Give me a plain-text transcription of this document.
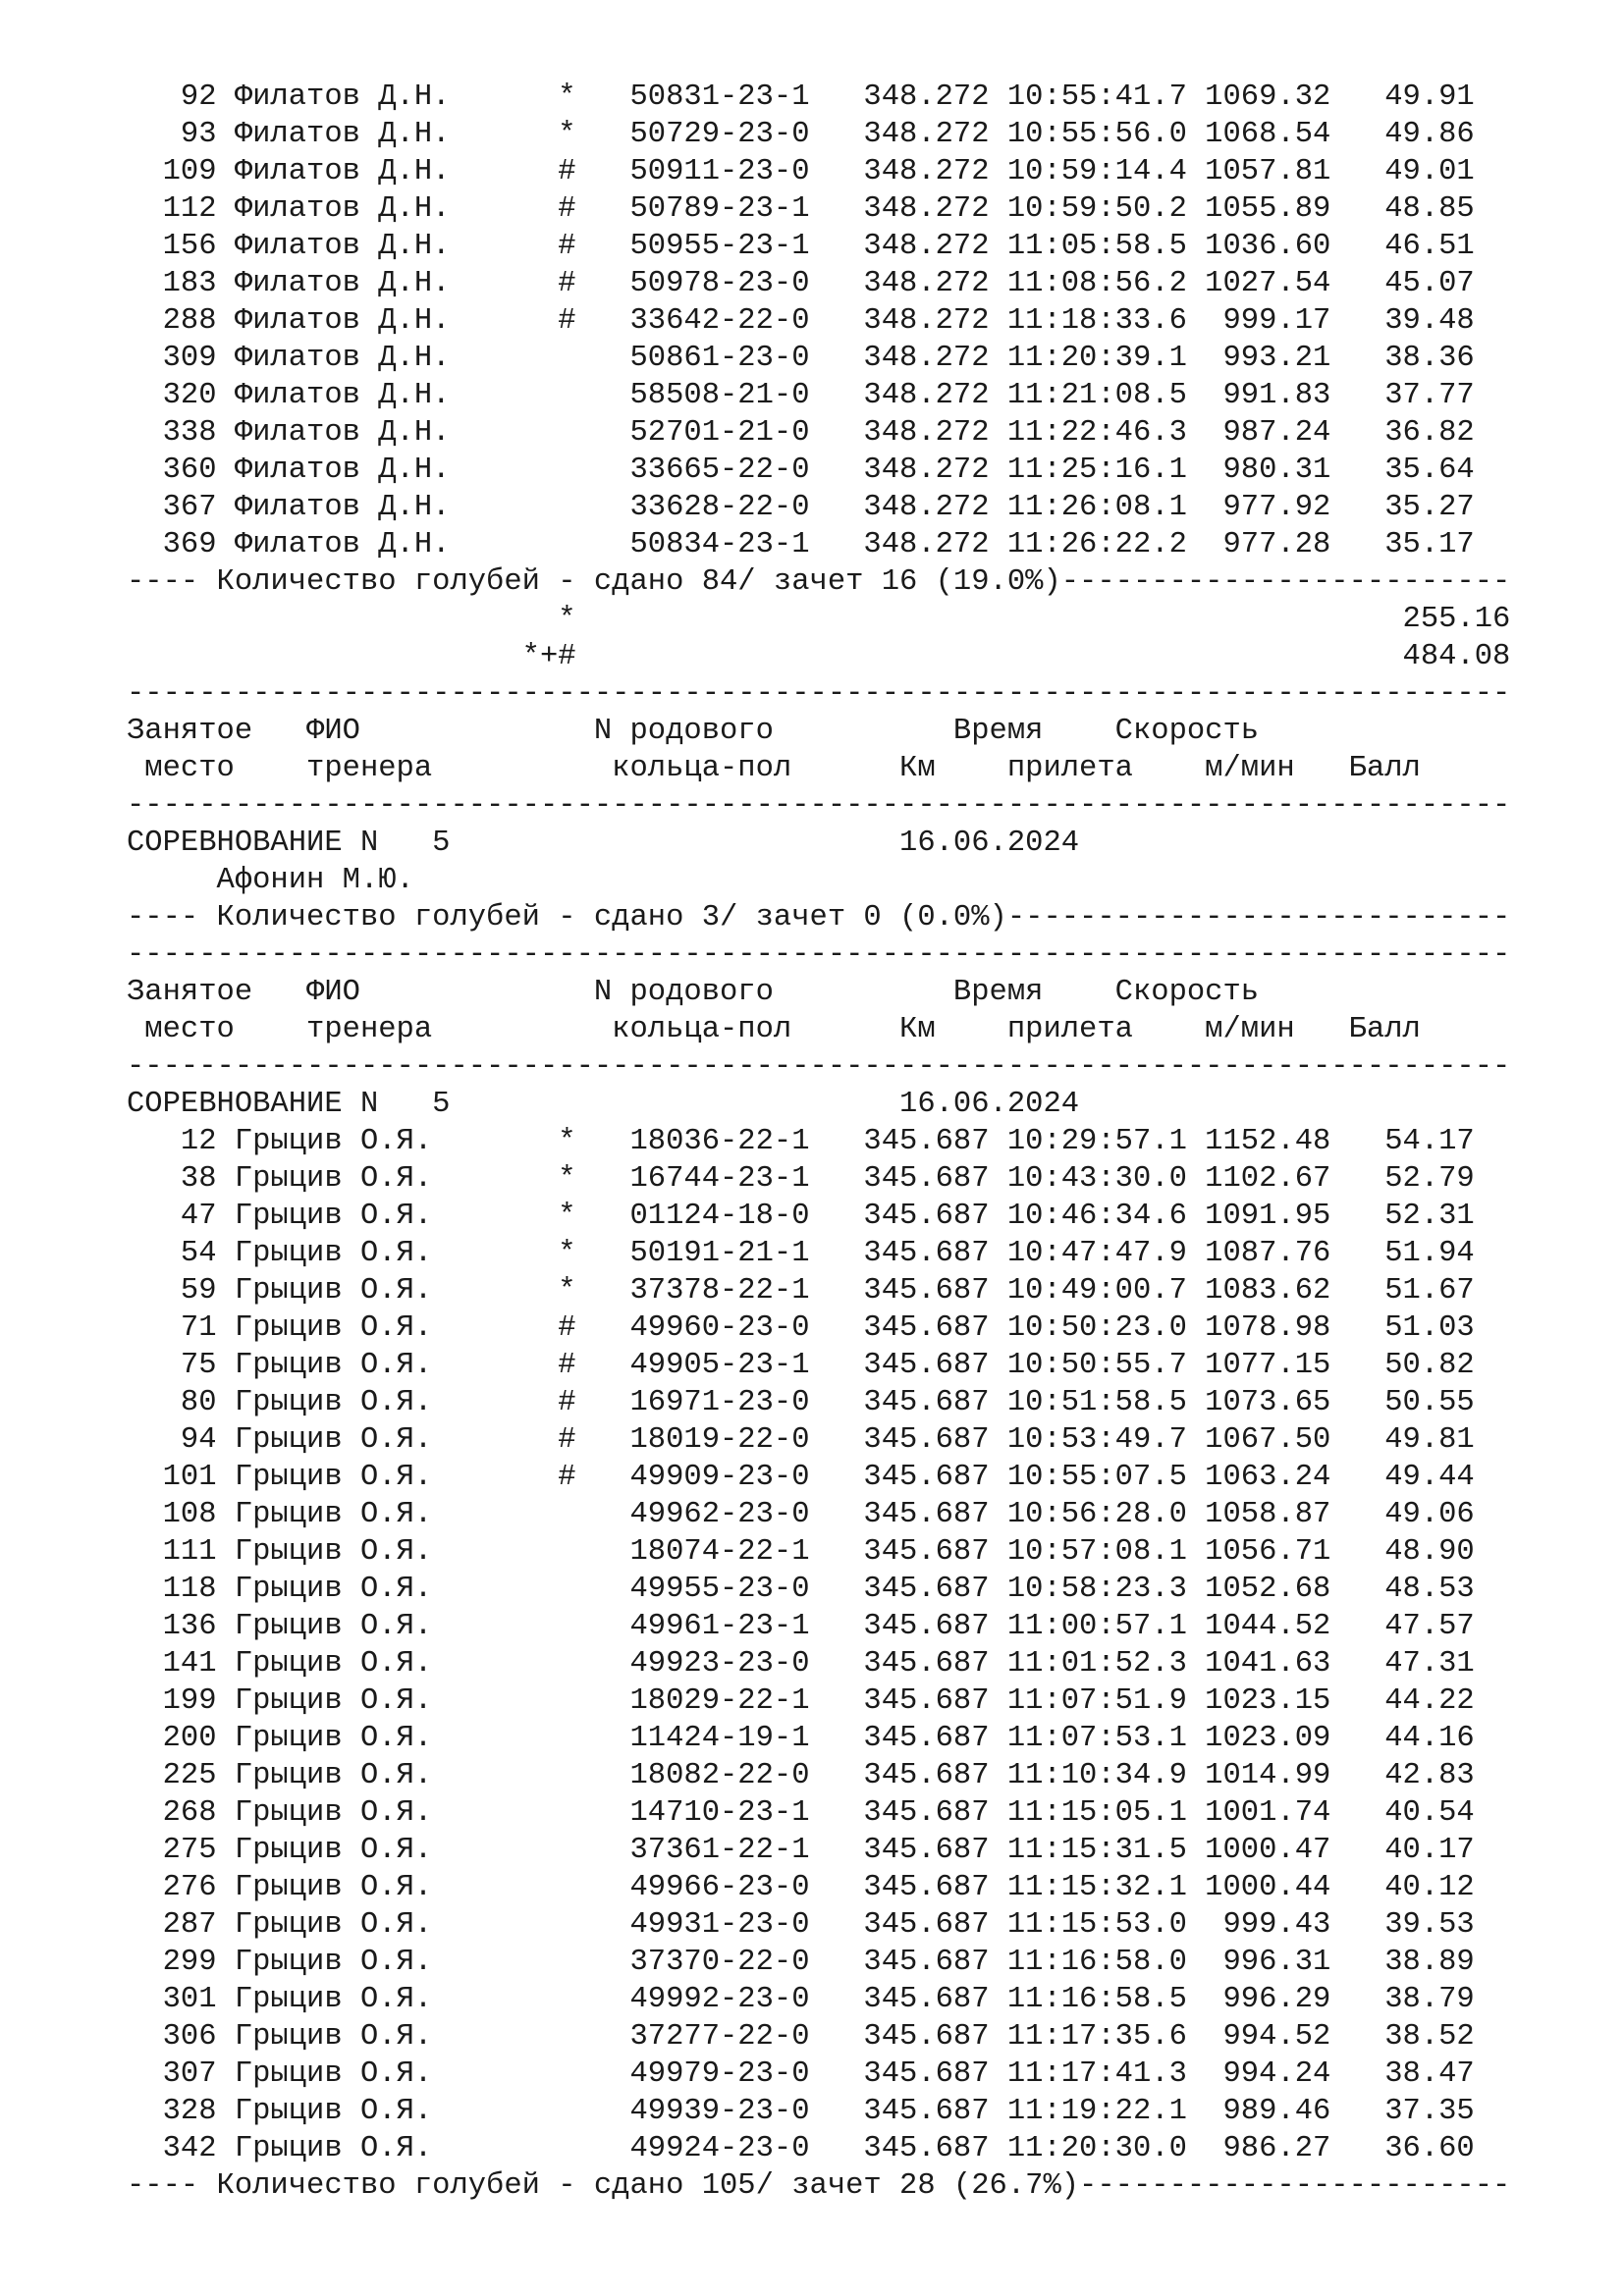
92 Филатов Д.Н.      *   50831-23-1   348.272 10:55:41.7 1069.32   49.91
93 Филатов Д.Н.      *   50729-23-0   348.272 10:55:56.0 1068.54   49.86
109 Филатов Д.Н.      #   50911-23-0   348.272 10:59:14.4 1057.81   49.01
112 Филатов Д.Н.      #   50789-23-1   348.272 10:59:50.2 1055.89   48.85
156 Филатов Д.Н.      #   50955-23-1   348.272 11:05:58.5 1036.60   46.51
183 Филатов Д.Н.      #   50978-23-0   348.272 11:08:56.2 1027.54   45.07
288 Филатов Д.Н.      #   33642-22-0   348.272 11:18:33.6  999.17   39.48
309 Филатов Д.Н.          50861-23-0   348.272 11:20:39.1  993.21   38.36
320 Филатов Д.Н.          58508-21-0   348.272 11:21:08.5  991.83   37.77
338 Филатов Д.Н.          52701-21-0   348.272 11:22:46.3  987.24   36.82
360 Филатов Д.Н.          33665-22-0   348.272 11:25:16.1  980.31   35.64
367 Филатов Д.Н.          33628-22-0   348.272 11:26:08.1  977.92   35.27
369 Филатов Д.Н.          50834-23-1   348.272 11:26:22.2  977.28   35.17
---- Количество голубей - сдано 84/ зачет 16 (19.0%)-------------------------
*                                              255.16
*+#                                              484.08
-----------------------------------------------------------------------------
Занятое   ФИО             N родового          Время    Скорость
место    тренера          кольца-пол      Км    прилета    м/мин   Балл
-----------------------------------------------------------------------------
СОРЕВНОВАНИЕ N   5                         16.06.2024
Афонин М.Ю.
---- Количество голубей - сдано 3/ зачет 0 (0.0%)----------------------------
-----------------------------------------------------------------------------
Занятое   ФИО             N родового          Время    Скорость
место    тренера          кольца-пол      Км    прилета    м/мин   Балл
-----------------------------------------------------------------------------
СОРЕВНОВАНИЕ N   5                         16.06.2024
12 Грыцив О.Я.       *   18036-22-1   345.687 10:29:57.1 1152.48   54.17
38 Грыцив О.Я.       *   16744-23-1   345.687 10:43:30.0 1102.67   52.79
47 Грыцив О.Я.       *   01124-18-0   345.687 10:46:34.6 1091.95   52.31
54 Грыцив О.Я.       *   50191-21-1   345.687 10:47:47.9 1087.76   51.94
59 Грыцив О.Я.       *   37378-22-1   345.687 10:49:00.7 1083.62   51.67
71 Грыцив О.Я.       #   49960-23-0   345.687 10:50:23.0 1078.98   51.03
75 Грыцив О.Я.       #   49905-23-1   345.687 10:50:55.7 1077.15   50.82
80 Грыцив О.Я.       #   16971-23-0   345.687 10:51:58.5 1073.65   50.55
94 Грыцив О.Я.       #   18019-22-0   345.687 10:53:49.7 1067.50   49.81
101 Грыцив О.Я.       #   49909-23-0   345.687 10:55:07.5 1063.24   49.44
108 Грыцив О.Я.           49962-23-0   345.687 10:56:28.0 1058.87   49.06
111 Грыцив О.Я.           18074-22-1   345.687 10:57:08.1 1056.71   48.90
118 Грыцив О.Я.           49955-23-0   345.687 10:58:23.3 1052.68   48.53
136 Грыцив О.Я.           49961-23-1   345.687 11:00:57.1 1044.52   47.57
141 Грыцив О.Я.           49923-23-0   345.687 11:01:52.3 1041.63   47.31
199 Грыцив О.Я.           18029-22-1   345.687 11:07:51.9 1023.15   44.22
200 Грыцив О.Я.           11424-19-1   345.687 11:07:53.1 1023.09   44.16
225 Грыцив О.Я.           18082-22-0   345.687 11:10:34.9 1014.99   42.83
268 Грыцив О.Я.           14710-23-1   345.687 11:15:05.1 1001.74   40.54
275 Грыцив О.Я.           37361-22-1   345.687 11:15:31.5 1000.47   40.17
276 Грыцив О.Я.           49966-23-0   345.687 11:15:32.1 1000.44   40.12
287 Грыцив О.Я.           49931-23-0   345.687 11:15:53.0  999.43   39.53
299 Грыцив О.Я.           37370-22-0   345.687 11:16:58.0  996.31   38.89
301 Грыцив О.Я.           49992-23-0   345.687 11:16:58.5  996.29   38.79
306 Грыцив О.Я.           37277-22-0   345.687 11:17:35.6  994.52   38.52
307 Грыцив О.Я.           49979-23-0   345.687 11:17:41.3  994.24   38.47
328 Грыцив О.Я.           49939-23-0   345.687 11:19:22.1  989.46   37.35
342 Грыцив О.Я.           49924-23-0   345.687 11:20:30.0  986.27   36.60
---- Количество голубей - сдано 105/ зачет 28 (26.7%)------------------------
